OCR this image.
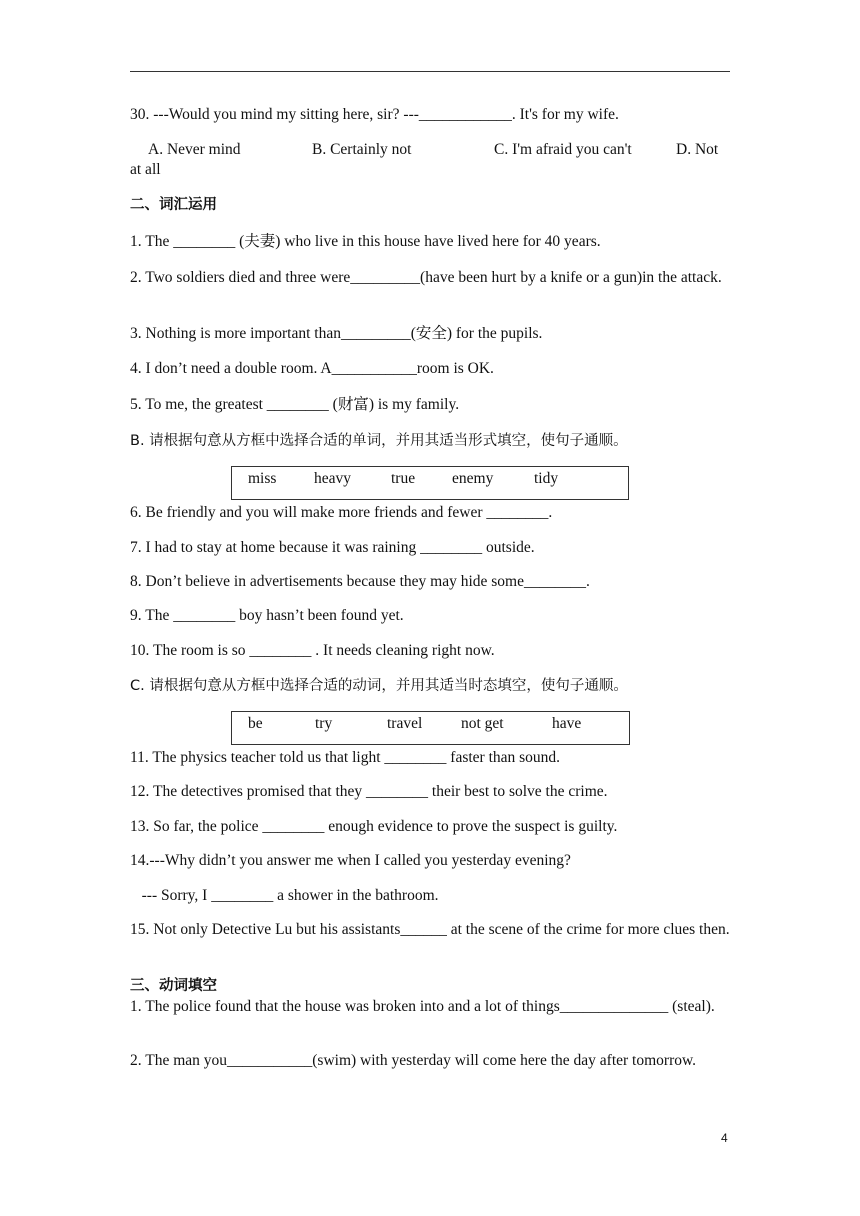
30. ---Would you mind my sitting here, sir? ---____________. It's for my wife.
A. Never mind	B. Certainly not	C. I'm afraid you can't	D. Not
at all
二、词汇运用
1. The ________ (夫妻) who live in this house have lived here for 40 years.
2. Two soldiers died and three were_________(have been hurt by a knife or a gun)in the attack.
3. Nothing is more important than_________(安全) for the pupils.
4. I don’t need a double room. A___________room is OK.
5. To me, the greatest ________ (财富) is my family.
B. 请根据句意从方框中选择合适的单词，并用其适当形式填空，使句子通顺。
miss heavy	true enemy	tidy
6. Be friendly and you will make more friends and fewer ________.
7. I had to stay at home because it was raining ________ outside.
8. Don’t believe in advertisements because they may hide some________.
9. The ________ boy hasn’t been found yet.
10. The room is so ________ . It needs cleaning right now.
C. 请根据句意从方框中选择合适的动词，并用其适当时态填空，使句子通顺。
be	try	travel not get	have
11. The physics teacher told us that light ________ faster than sound.
12. The detectives promised that they ________ their best to solve the crime.
13. So far, the police ________ enough evidence to prove the suspect is guilty.
14.---Why didn’t you answer me when I called you yesterday evening?
--- Sorry, I ________ a shower in the bathroom.
15. Not only Detective Lu but his assistants______ at the scene of the crime for more clues then.
三、动词填空
1. The police found that the house was broken into and a lot of things______________ (steal).
2. The man you___________(swim) with yesterday will come here the day after tomorrow.
4
